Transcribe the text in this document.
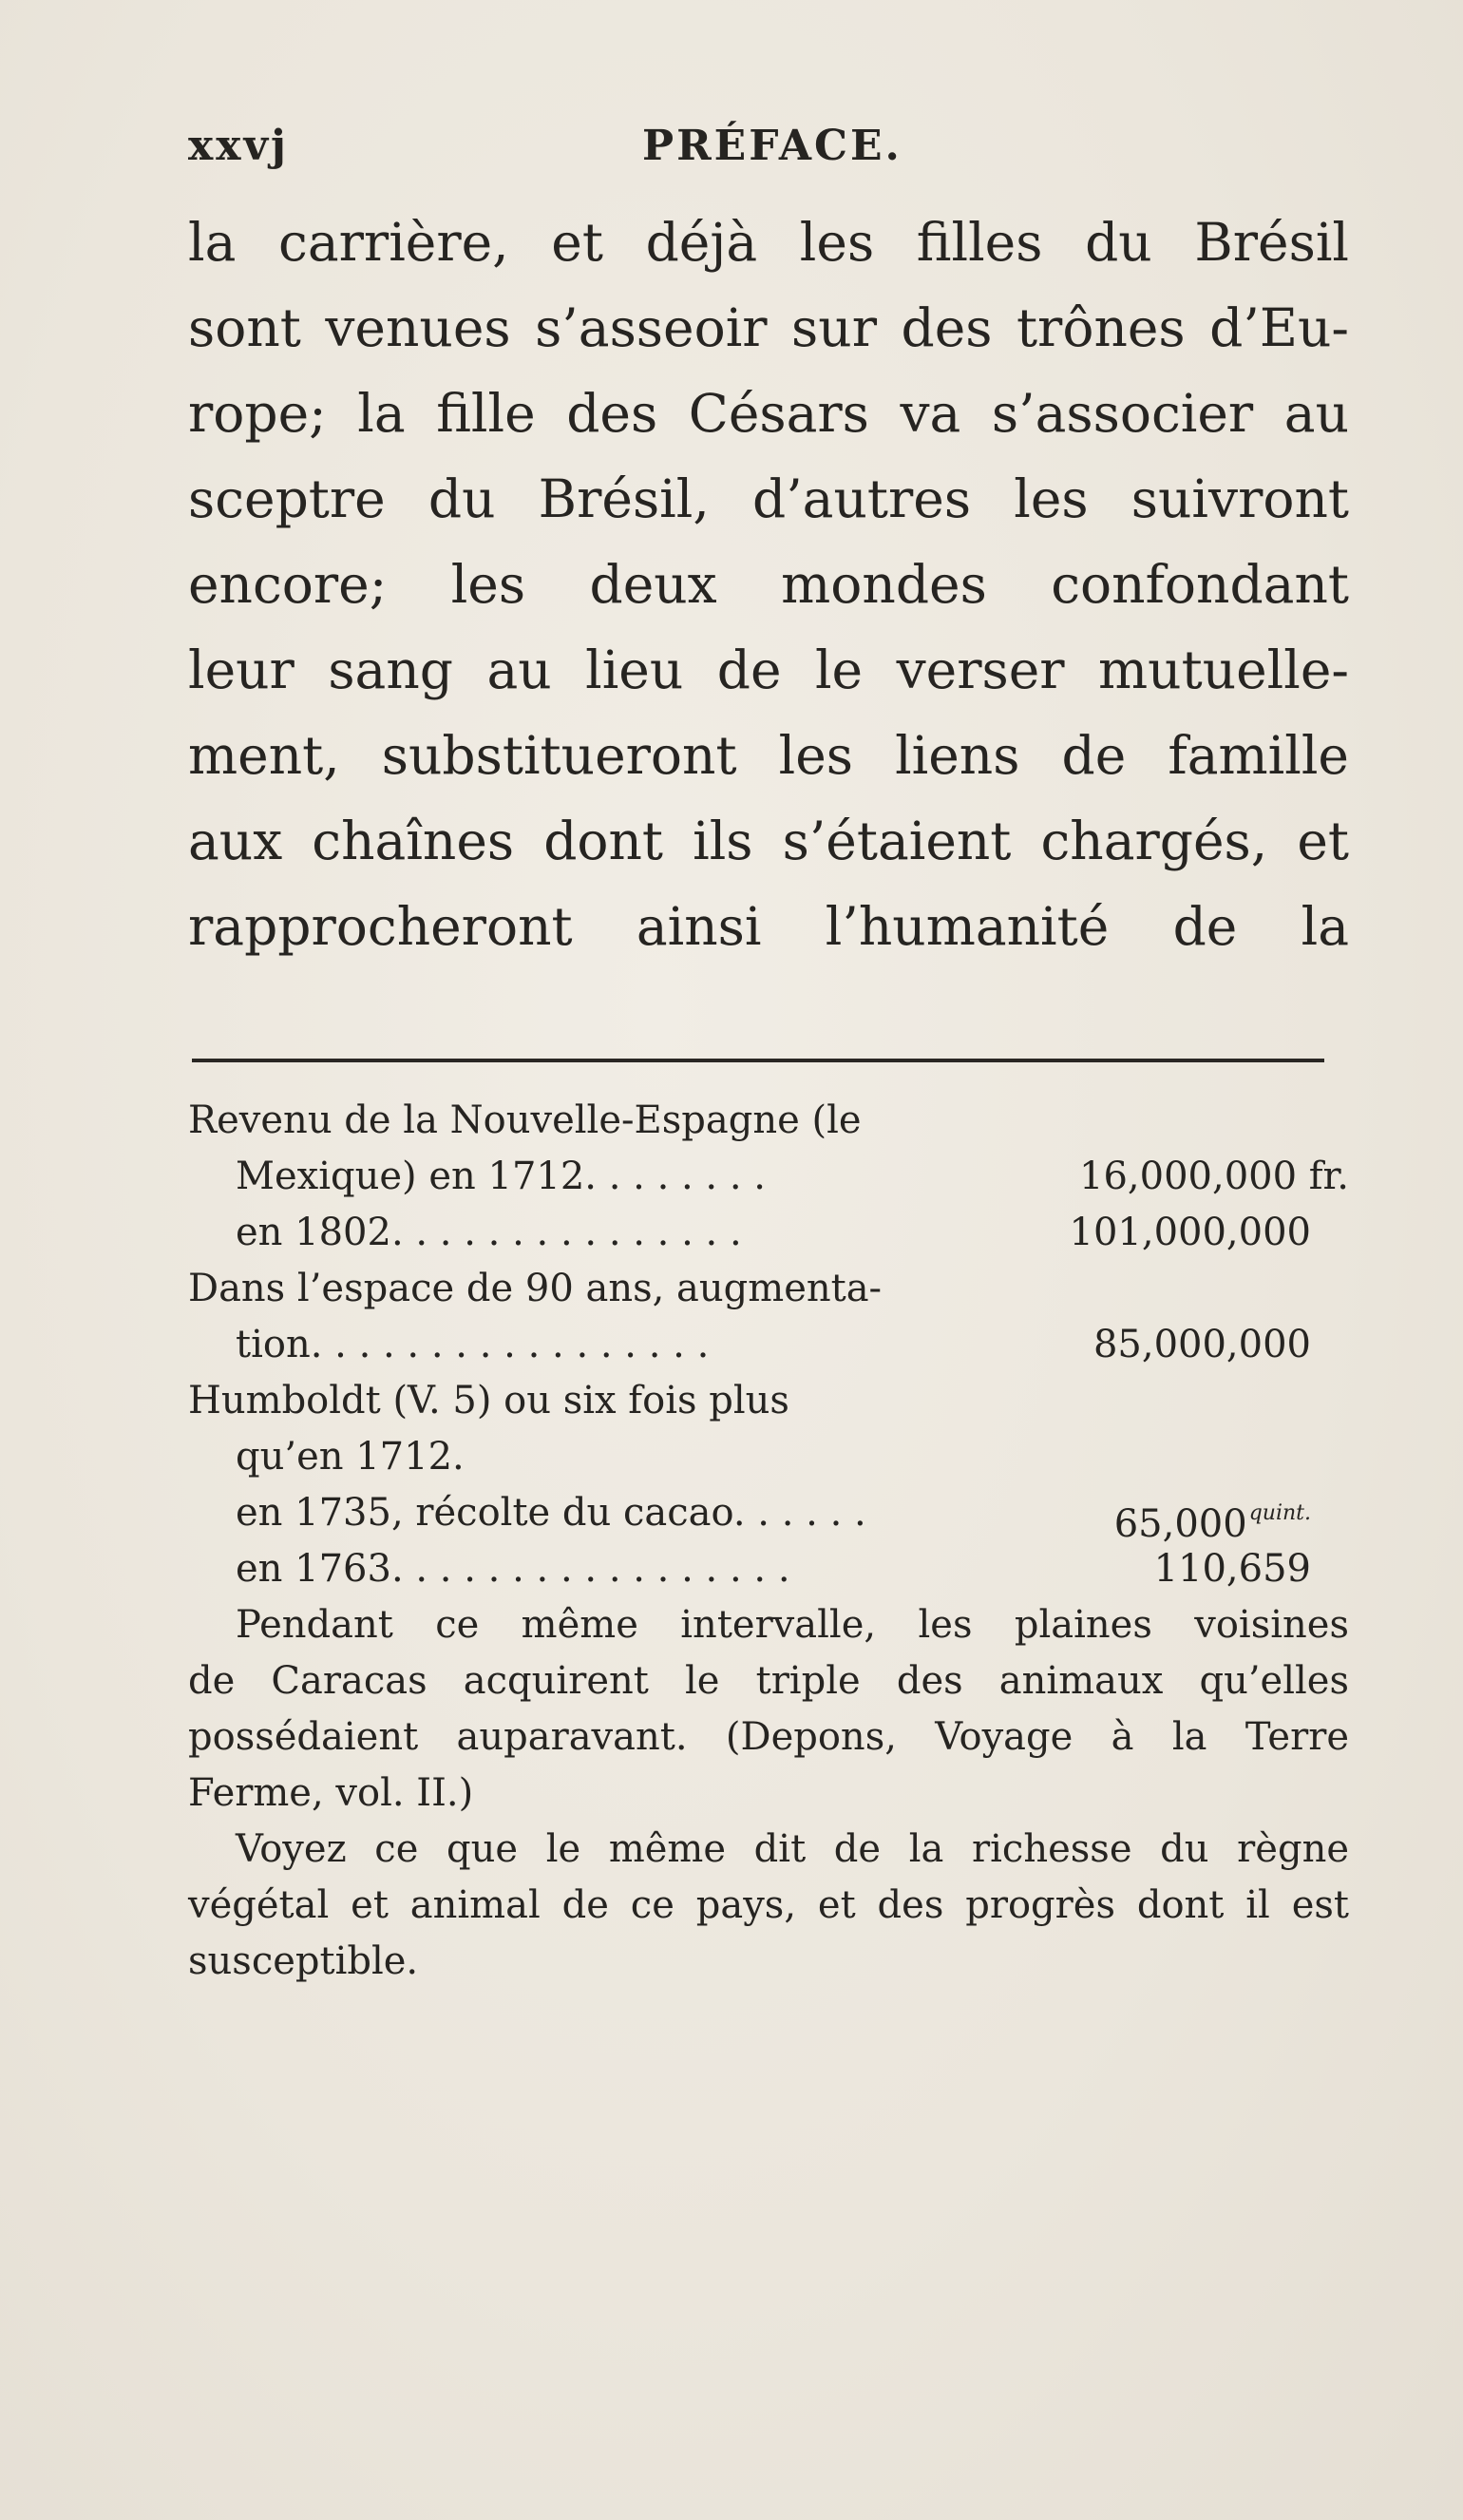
xxvj	PRÉFACE.
la carrière, et déjà les filles du Brésil
sont venues s’asseoir sur des trônes d’Eu-
rope; la fille des Césars va s’associer au
sceptre du Brésil, d’autres les suivront
encore; les deux mondes confondant
leur sang au lieu de le verser mutuelle-
ment, substitueront les liens de famille
aux chaînes dont ils s’étaient chargés, et
rapprocheront ainsi l’humanité de la
Revenu de la Nouvelle-Espagne (le
Mexique) en 1712. . . . . . . .	16,000,000 fr.
en 1802. . . . . . . . . . . . . . .	101,000,000
Dans l’espace de 90 ans, augmenta-
tion. . . . . . . . . . . . . . . . .	85,000,000
Humboldt (V. 5) ou six fois plus
qu’en 1712.
en 1735, récolte du cacao. . . . . .	$65,000^{quint.}$
en 1763. . . . . . . . . . . . . . . . .	110,659
Pendant ce même intervalle, les plaines voisines
de Caracas acquirent le triple des animaux qu’elles
possédaient auparavant. (Depons, Voyage à la Terre
Ferme, vol. II.)
Voyez ce que le même dit de la richesse du règne
végétal et animal de ce pays, et des progrès dont il est
susceptible.
